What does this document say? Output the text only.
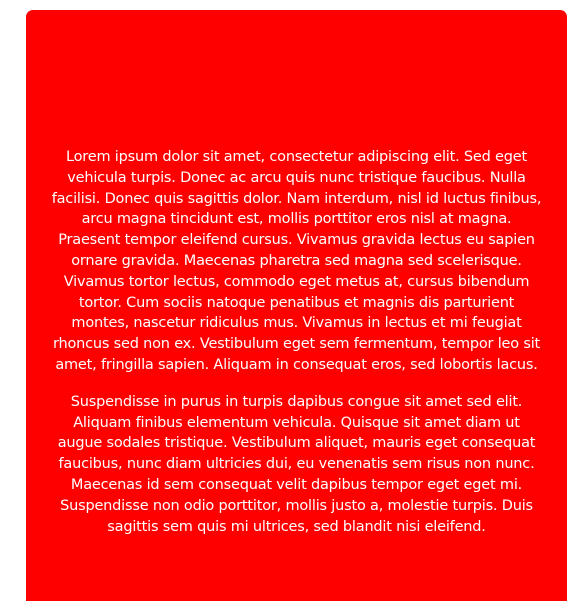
Lorem ipsum dolor sit amet, consectetur adipiscing elit. Sed eget vehicula turpis. Donec ac arcu quis nunc tristique faucibus. Nulla facilisi. Donec quis sagittis dolor. Nam interdum, nisl id luctus finibus, arcu magna tincidunt est, mollis porttitor eros nisl at magna. Praesent tempor eleifend cursus. Vivamus gravida lectus eu sapien ornare gravida. Maecenas pharetra sed magna sed scelerisque. Vivamus tortor lectus, commodo eget metus at, cursus bibendum tortor. Cum sociis natoque penatibus et magnis dis parturient montes, nascetur ridiculus mus. Vivamus in lectus et mi feugiat rhoncus sed non ex. Vestibulum eget sem fermentum, tempor leo sit amet, fringilla sapien. Aliquam in consequat eros, sed lobortis lacus.

Suspendisse in purus in turpis dapibus congue sit amet sed elit. Aliquam finibus elementum vehicula. Quisque sit amet diam ut augue sodales tristique. Vestibulum aliquet, mauris eget consequat faucibus, nunc diam ultricies dui, eu venenatis sem risus non nunc. Maecenas id sem consequat velit dapibus tempor eget eget mi. Suspendisse non odio porttitor, mollis justo a, molestie turpis. Duis sagittis sem quis mi ultrices, sed blandit nisi eleifend.
